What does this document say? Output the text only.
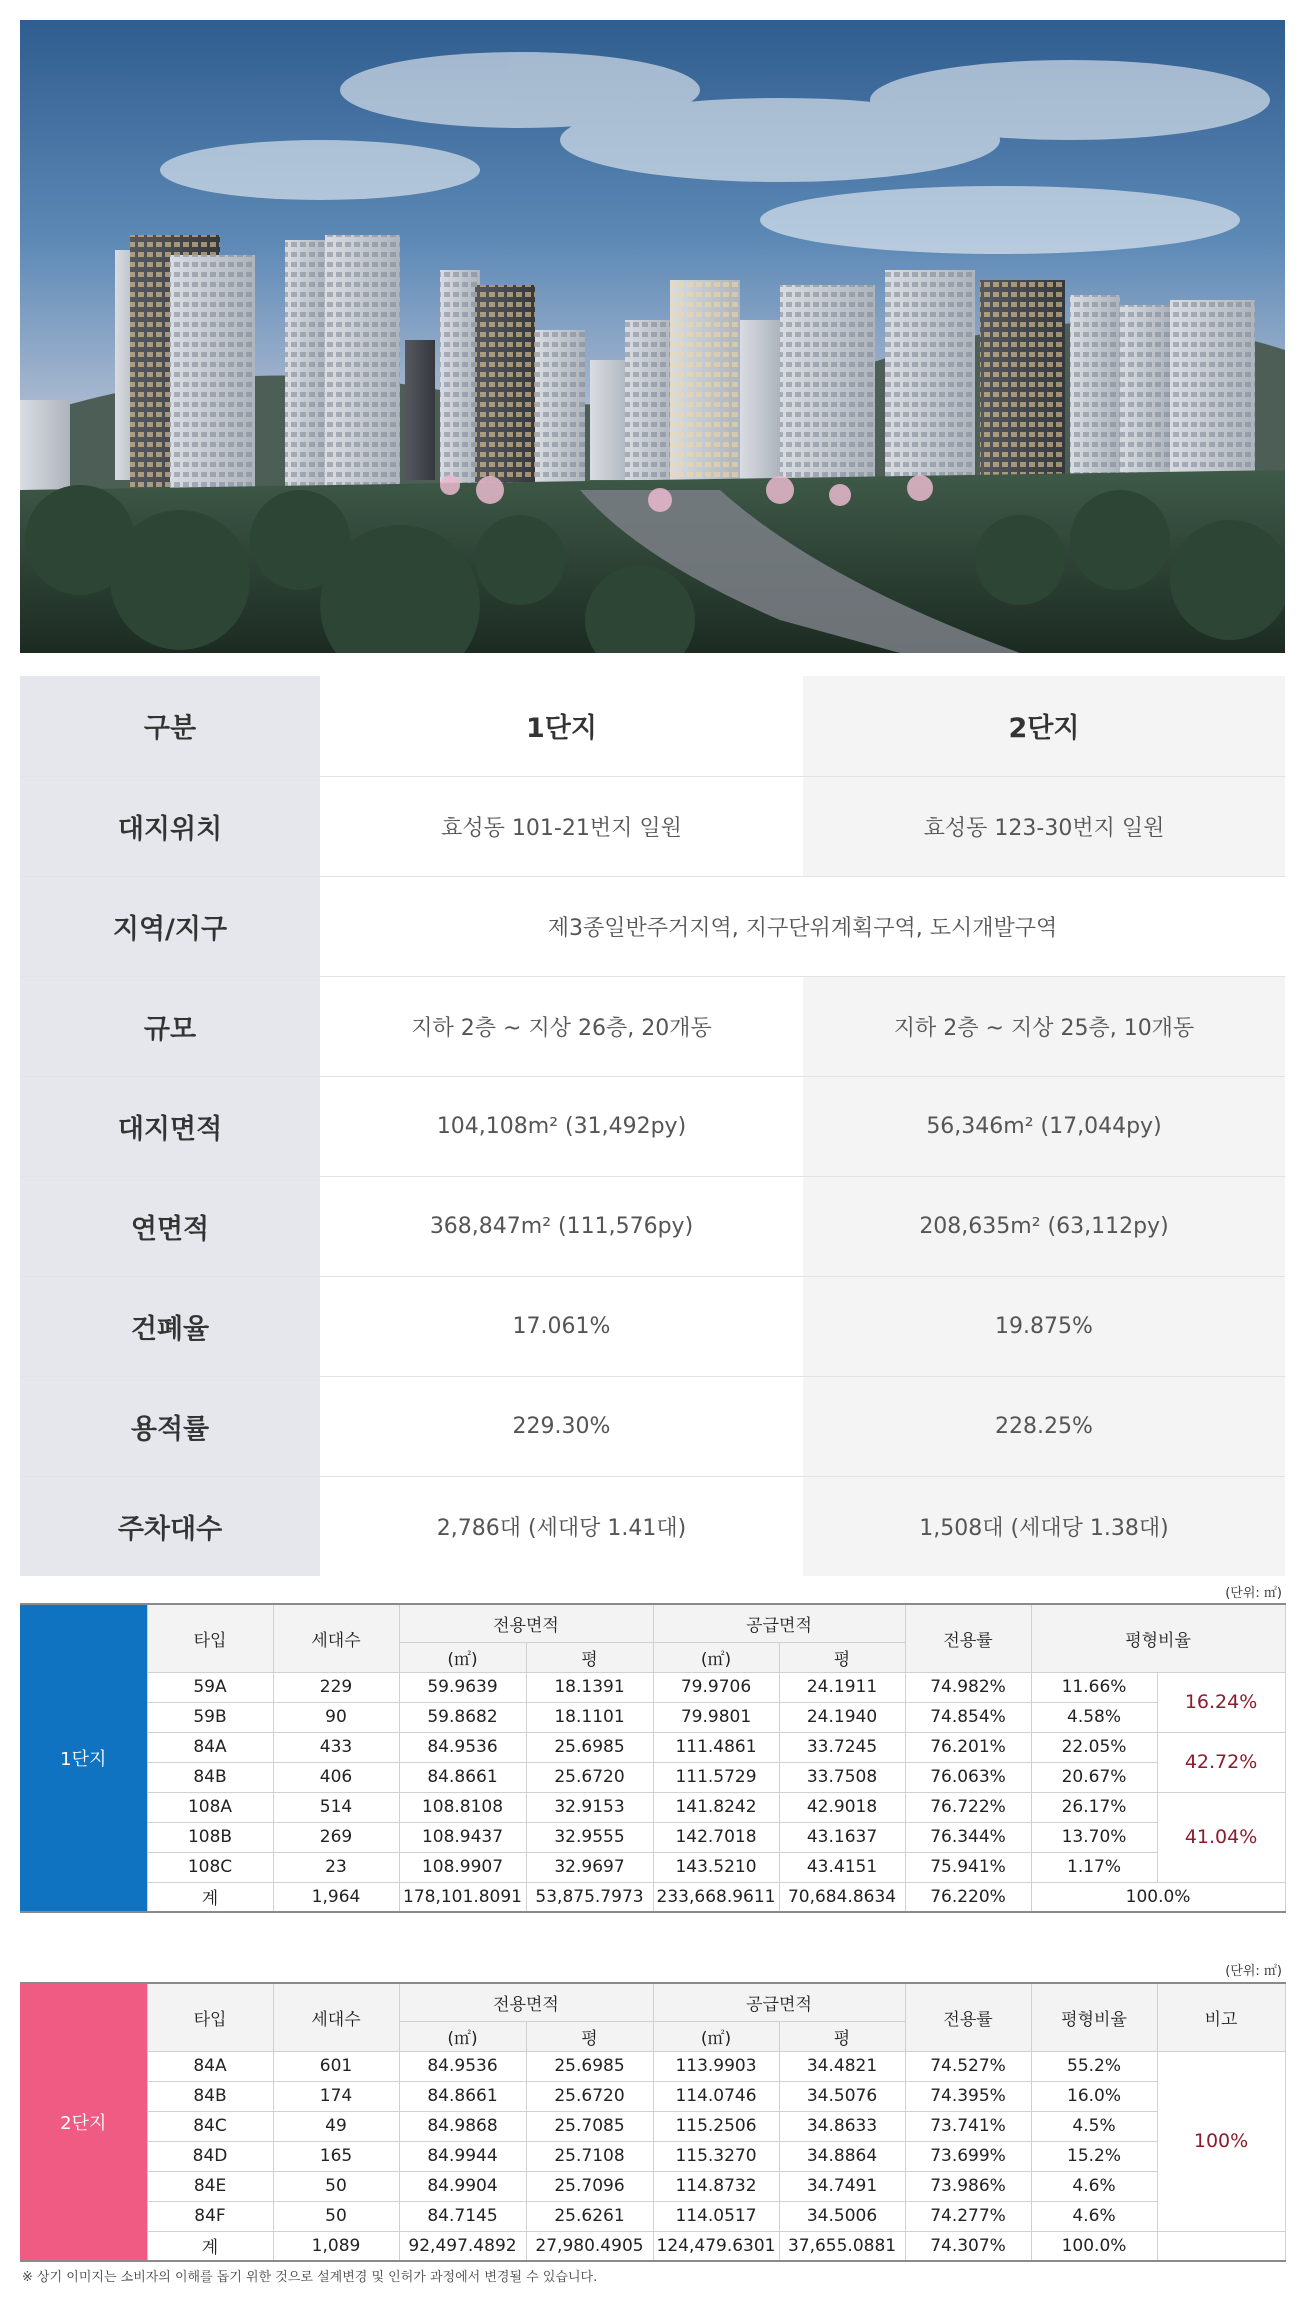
구분	1단지	2단지
대지위치	효성동 101-21번지 일원	효성동 123-30번지 일원
지역/지구	제3종일반주거지역, 지구단위계획구역, 도시개발구역	
규모	지하 2층 ~ 지상 26층, 20개동	지하 2층 ~ 지상 25층, 10개동
대지면적	104,108m² (31,492py)	56,346m² (17,044py)
연면적	368,847m² (111,576py)	208,635m² (63,112py)
건폐율	17.061%	19.875%
용적률	229.30%	228.25%
주차대수	2,786대 (세대당 1.41대)	1,508대 (세대당 1.38대)
(단위: ㎡)
1단지	타입	세대수	전용면적		공급면적		전용률	평형비율	
			(㎡)	평	(㎡)	평			
	59A	229	59.9639	18.1391	79.9706	24.1911	74.982%	11.66%	16.24%
	59B	90	59.8682	18.1101	79.9801	24.1940	74.854%	4.58%	
	84A	433	84.9536	25.6985	111.4861	33.7245	76.201%	22.05%	42.72%
	84B	406	84.8661	25.6720	111.5729	33.7508	76.063%	20.67%	
	108A	514	108.8108	32.9153	141.8242	42.9018	76.722%	26.17%	41.04%
	108B	269	108.9437	32.9555	142.7018	43.1637	76.344%	13.70%	
	108C	23	108.9907	32.9697	143.5210	43.4151	75.941%	1.17%	
	계	1,964	178,101.8091	53,875.7973	233,668.9611	70,684.8634	76.220%	100.0%	
(단위: ㎡)
2단지	타입	세대수	전용면적		공급면적		전용률	평형비율	비고
			(㎡)	평	(㎡)	평			
	84A	601	84.9536	25.6985	113.9903	34.4821	74.527%	55.2%	100%
	84B	174	84.8661	25.6720	114.0746	34.5076	74.395%	16.0%	
	84C	49	84.9868	25.7085	115.2506	34.8633	73.741%	4.5%	
	84D	165	84.9944	25.7108	115.3270	34.8864	73.699%	15.2%	
	84E	50	84.9904	25.7096	114.8732	34.7491	73.986%	4.6%	
	84F	50	84.7145	25.6261	114.0517	34.5006	74.277%	4.6%	
	계	1,089	92,497.4892	27,980.4905	124,479.6301	37,655.0881	74.307%	100.0%	
※ 상기 이미지는 소비자의 이해를 돕기 위한 것으로 설계변경 및 인허가 과정에서 변경될 수 있습니다.
